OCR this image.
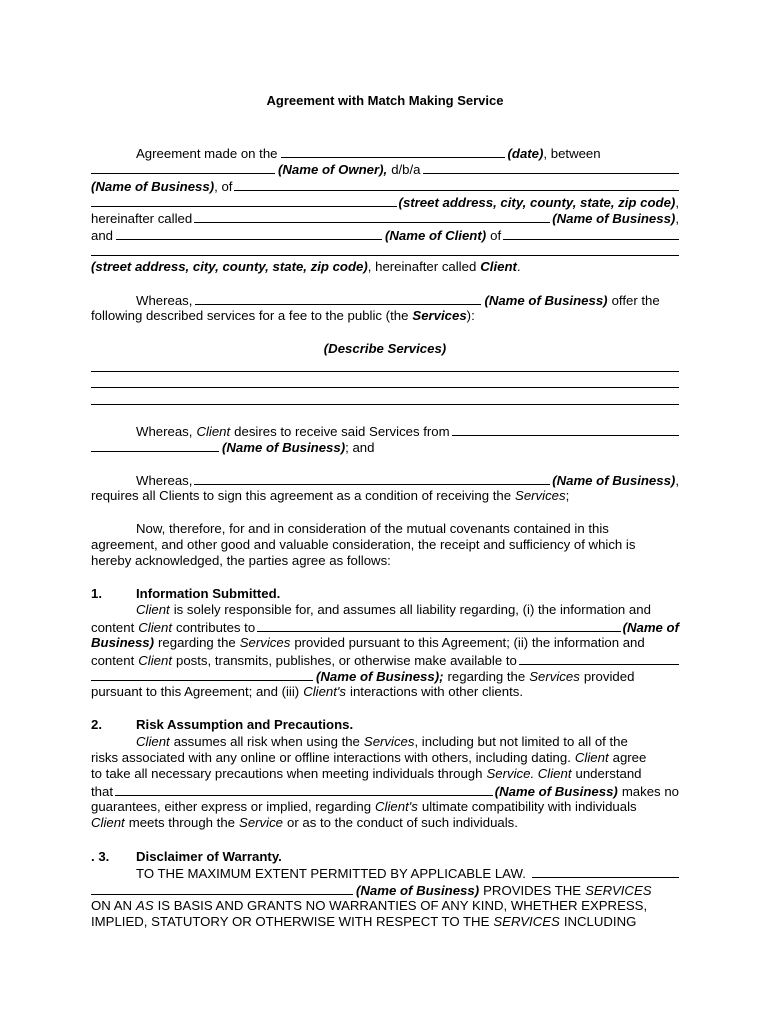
Agreement with Match Making Service
Agreement made on the	(date) , between
(Name of Owner), d/b/a
(Name of Business) , of
(street address, city, county, state, zip code) ,
hereinafter called	(Name of Business) ,
and	(Name of Client) of
(street address, city, county, state, zip code) , hereinafter called Client .
Whereas,	(Name of Business) offer the
following described services for a fee to the public (the Services ):
(Describe Services)
Whereas, Client desires to receive said Services from
(Name of Business) ; and
Whereas,	(Name of Business) ,
requires all Clients to sign this agreement as a condition of receiving the Services ;
Now, therefore, for and in consideration of the mutual covenants contained in this
agreement, and other good and valuable consideration, the receipt and sufficiency of which is
hereby acknowledged, the parties agree as follows:
1.	Information Submitted.
Client is solely responsible for, and assumes all liability regarding, (i) the information and
content Client contributes to	(Name of
Business) regarding the Services provided pursuant to this Agreement; (ii) the information and
content Client posts, transmits, publishes, or otherwise make available to
(Name of Business); regarding the Services provided
pursuant to this Agreement; and (iii) Client's interactions with other clients.
2.	Risk Assumption and Precautions.
Client assumes all risk when using the Services , including but not limited to all of the
risks associated with any online or offline interactions with others, including dating. Client agree
to take all necessary precautions when meeting individuals through Service. Client understand
that	(Name of Business) makes no
guarantees, either express or implied, regarding Client's ultimate compatibility with individuals
Client meets through the Service or as to the conduct of such individuals.
. 3.	Disclaimer of Warranty.
TO THE MAXIMUM EXTENT PERMITTED BY APPLICABLE LAW.
(Name of Business) PROVIDES THE SERVICES
ON AN AS IS BASIS AND GRANTS NO WARRANTIES OF ANY KIND, WHETHER EXPRESS,
IMPLIED, STATUTORY OR OTHERWISE WITH RESPECT TO THE SERVICES INCLUDING
